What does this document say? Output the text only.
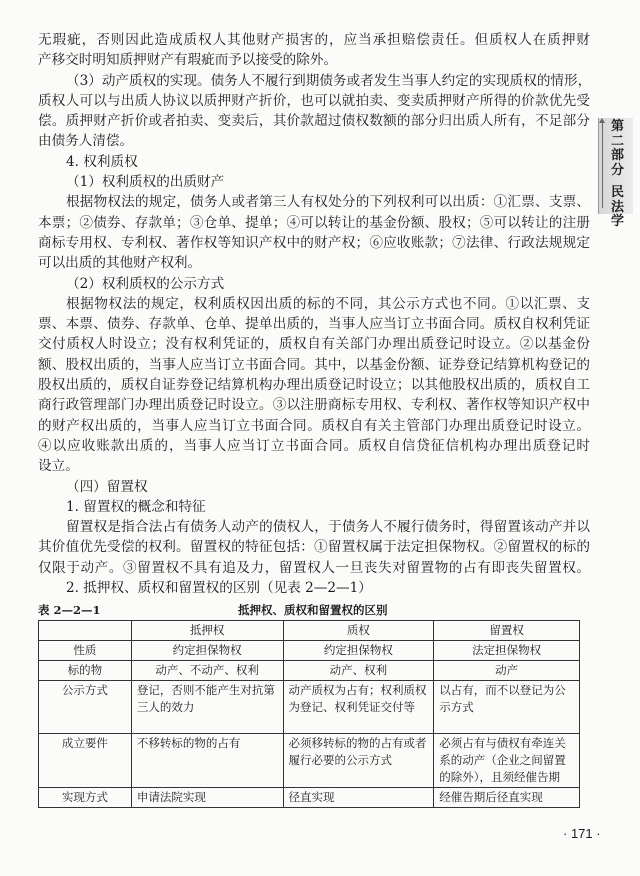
无瑕疵，否则因此造成质权人其他财产损害的，应当承担赔偿责任。但质权人在质押财
产移交时明知质押财产有瑕疵而予以接受的除外。
（3）动产质权的实现。债务人不履行到期债务或者发生当事人约定的实现质权的情形，
质权人可以与出质人协议以质押财产折价，也可以就拍卖、变卖质押财产所得的价款优先受
偿。质押财产折价或者拍卖、变卖后，其价款超过债权数额的部分归出质人所有，不足部分
由债务人清偿。
4. 权利质权
（1）权利质权的出质财产
根据物权法的规定，债务人或者第三人有权处分的下列权利可以出质：①汇票、支票、
本票；②债券、存款单；③仓单、提单；④可以转让的基金份额、股权；⑤可以转让的注册
商标专用权、专利权、著作权等知识产权中的财产权；⑥应收账款；⑦法律、行政法规规定
可以出质的其他财产权利。
（2）权利质权的公示方式
根据物权法的规定，权利质权因出质的标的不同，其公示方式也不同。①以汇票、支
票、本票、债券、存款单、仓单、提单出质的，当事人应当订立书面合同。质权自权利凭证
交付质权人时设立；没有权利凭证的，质权自有关部门办理出质登记时设立。②以基金份
额、股权出质的，当事人应当订立书面合同。其中，以基金份额、证券登记结算机构登记的
股权出质的，质权自证券登记结算机构办理出质登记时设立；以其他股权出质的，质权自工
商行政管理部门办理出质登记时设立。③以注册商标专用权、专利权、著作权等知识产权中
的财产权出质的，当事人应当订立书面合同。质权自有关主管部门办理出质登记时设立。
④以应收账款出质的，当事人应当订立书面合同。质权自信贷征信机构办理出质登记时
设立。
（四）留置权
1. 留置权的概念和特征
留置权是指合法占有债务人动产的债权人，于债务人不履行债务时，得留置该动产并以
其价值优先受偿的权利。留置权的特征包括：①留置权属于法定担保物权。②留置权的标的
仅限于动产。③留置权不具有追及力，留置权人一旦丧失对留置物的占有即丧失留置权。
2. 抵押权、质权和留置权的区别（见表 2—2—1）
第二部分
民法学
表 2—2—1	抵押权、质权和留置权的区别
	抵押权	质权	留置权
性质	约定担保物权	约定担保物权	法定担保物权
标的物	动产、不动产、权利	动产、权利	动产
公示方式	登记，否则不能产生对抗第三人的效力	动产质权为占有；权利质权为登记、权利凭证交付等	以占有，而不以登记为公示方式
成立要件	不移转标的物的占有	必须移转标的物的占有或者履行必要的公示方式	必须占有与债权有牵连关系的动产（企业之间留置的除外），且须经催告期
实现方式	申请法院实现	径直实现	经催告期后径直实现
· 171 ·
